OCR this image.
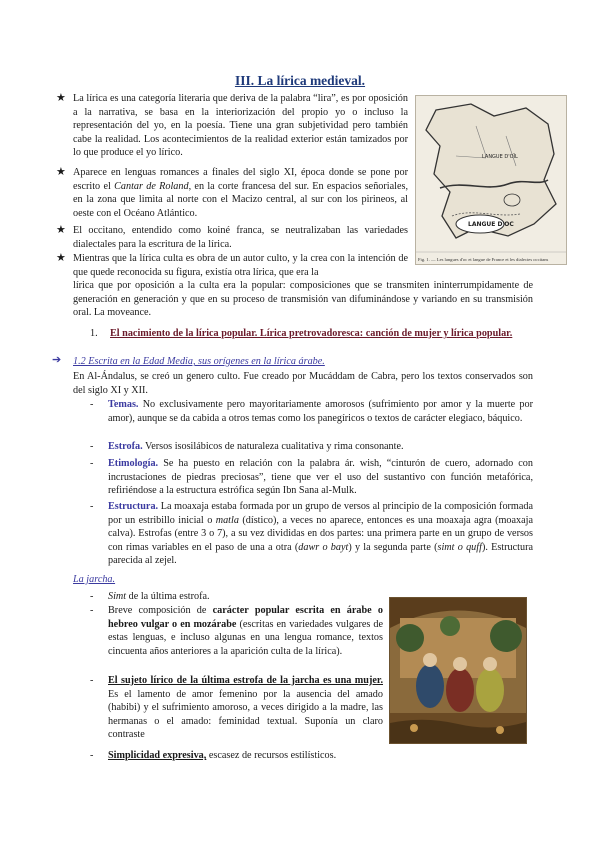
III. La lírica medieval.
★ La lírica es una categoría literaria que deriva de la palabra “lira”, es por oposición a la narrativa, se basa en la interiorización del propio yo o incluso la representación del yo, en la poesía. Tiene una gran subjetividad pero también cabe la realidad. Los acontecimientos de la realidad exterior están tamizados por lo que produce el yo lírico.
★ Aparece en lenguas romances a finales del siglo XI, época donde se pone por escrito el Cantar de Roland, en la corte francesa del sur. En espacios señoriales, en la zona que limita al norte con el Macizo central, al sur con los pirineos, al oeste con el Océano Atlántico.
★ El occitano, entendido como koiné franca, se neutralizaban las variedades dialectales para la escritura de la lírica.
★ Mientras que la lírica culta es obra de un autor culto, y la crea con la intención de que quede reconocida su figura, existía otra lírica, que era la
lírica que por oposición a la culta era la popular: composiciones que se transmiten ininterrumpidamente de generación en generación y que en su proceso de transmisión van difuminándose y variando en su transmisión oral. La moveance.
LANGUE D'OÏL
LANGUE D'OC
Fig. 1. — Les langues d'oc et langue de France et les dialectes occitans
1. El nacimiento de la lírica popular. Lírica pretrovadoresca: canción de mujer y lírica popular.
➔ 1.2 Escrita en la Edad Media, sus orígenes en la lírica árabe.
En Al-Ándalus, se creó un genero culto. Fue creado por Mucáddam de Cabra, pero los textos conservados son del siglo XI y XII.
- Temas. No exclusivamente pero mayoritariamente amorosos (sufrimiento por amor y la muerte por amor), aunque se da cabida a otros temas como los panegíricos o textos de carácter elegiaco, báquico.
- Estrofa. Versos isosilábicos de naturaleza cualitativa y rima consonante.
- Etimología. Se ha puesto en relación con la palabra ár. wish, “cinturón de cuero, adornado con incrustaciones de piedras preciosas”, tiene que ver el uso del sustantivo con función metafórica, refiriéndose a la estructura estrófica según Ibn Sana al-Mulk.
- Estructura. La moaxaja estaba formada por un grupo de versos al principio de la composición formada por un estribillo inicial o matla (dístico), a veces no aparece, entonces es una moaxaja agra (moaxaja calva). Estrofas (entre 3 o 7), a su vez divididas en dos partes: una primera parte en un grupo de versos con rimas variables en el paso de una a otra (dawr o bayt) y la segunda parte (simt o quff). Estructura parecida al zejel.
La jarcha.
- Simt de la última estrofa.
- Breve composición de carácter popular escrita en árabe o hebreo vulgar o en mozárabe (escritas en variedades vulgares de estas lenguas, e incluso algunas en una lengua romance, textos cincuenta años anteriores a la aparición culta de la lírica).
- El sujeto lírico de la última estrofa de la jarcha es una mujer. Es el lamento de amor femenino por la ausencia del amado (habibi) y el sufrimiento amoroso, a veces dirigido a la madre, las hermanas o el amado: feminidad textual. Suponía un claro contraste
- Simplicidad expresiva, escasez de recursos estilísticos.
